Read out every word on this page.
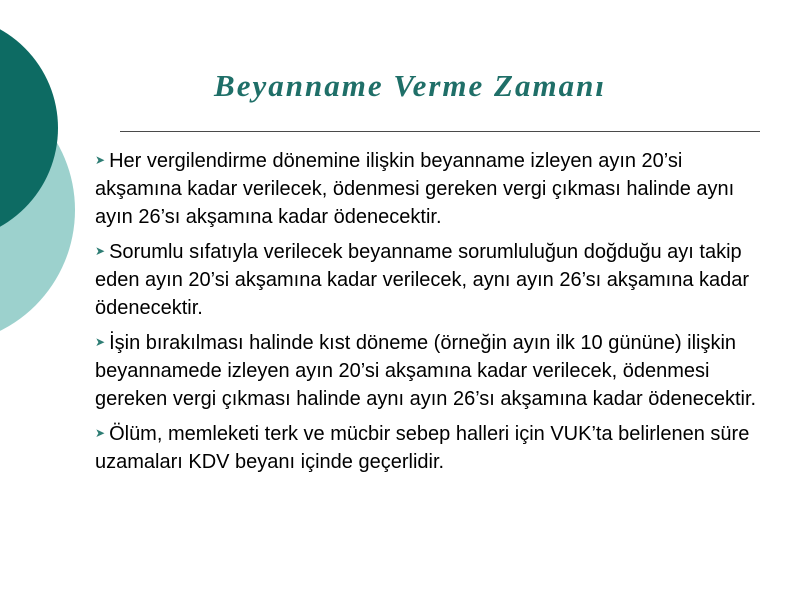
Beyanname Verme Zamanı

➤ Her vergilendirme dönemine ilişkin beyanname izleyen ayın 20’si akşamına kadar verilecek, ödenmesi gereken vergi çıkması halinde aynı ayın 26’sı akşamına kadar ödenecektir.

➤ Sorumlu sıfatıyla verilecek beyanname sorumluluğun doğduğu ayı takip eden ayın 20’si akşamına kadar verilecek, aynı ayın 26’sı akşamına kadar ödenecektir.

➤ İşin bırakılması halinde kıst döneme (örneğin ayın ilk 10 gününe) ilişkin beyannamede izleyen ayın 20’si akşamına kadar verilecek, ödenmesi gereken vergi çıkması halinde aynı ayın 26’sı akşamına kadar ödenecektir.

➤ Ölüm, memleketi terk ve mücbir sebep halleri için VUK’ta belirlenen süre uzamaları KDV beyanı içinde geçerlidir.
